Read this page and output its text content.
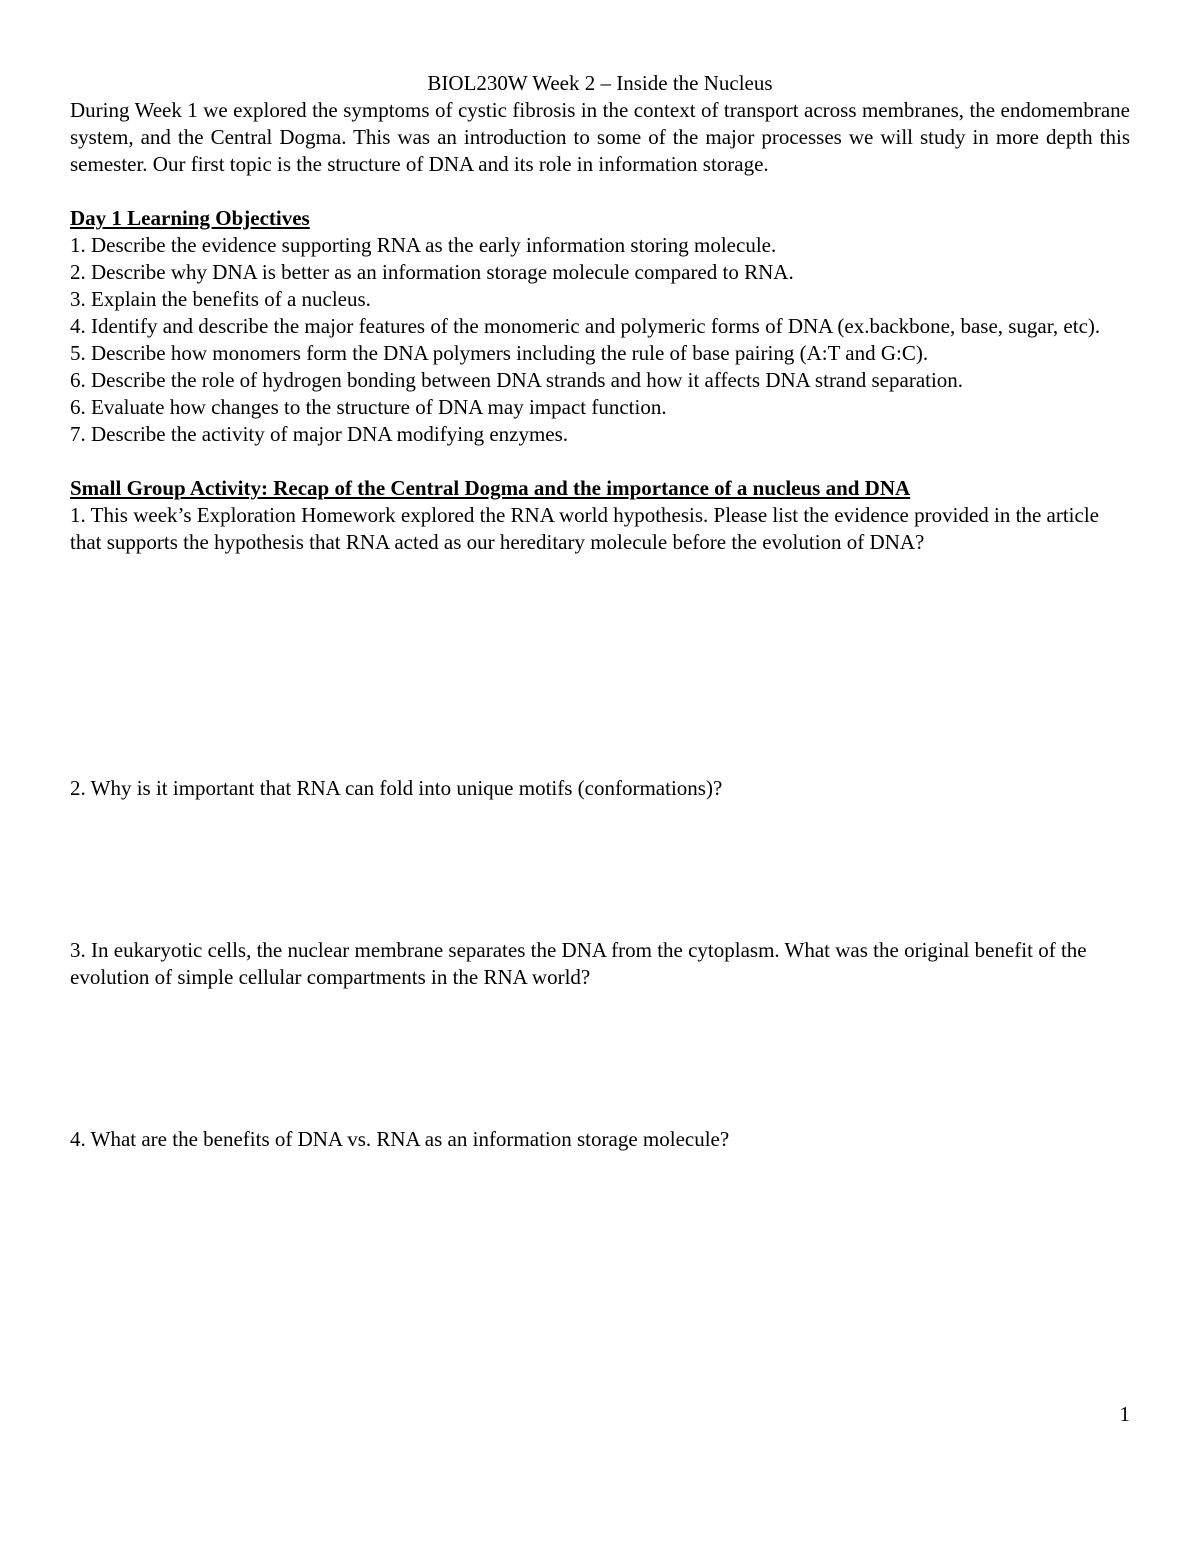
BIOL230W Week 2 – Inside the Nucleus

During Week 1 we explored the symptoms of cystic fibrosis in the context of transport across membranes, the endomembrane system, and the Central Dogma. This was an introduction to some of the major processes we will study in more depth this semester. Our first topic is the structure of DNA and its role in information storage.

Day 1 Learning Objectives

1. Describe the evidence supporting RNA as the early information storing molecule.

2. Describe why DNA is better as an information storage molecule compared to RNA.

3. Explain the benefits of a nucleus.

4. Identify and describe the major features of the monomeric and polymeric forms of DNA (ex.backbone, base, sugar, etc).

5. Describe how monomers form the DNA polymers including the rule of base pairing (A:T and G:C).

6. Describe the role of hydrogen bonding between DNA strands and how it affects DNA strand separation.

6. Evaluate how changes to the structure of DNA may impact function.

7. Describe the activity of major DNA modifying enzymes.

Small Group Activity: Recap of the Central Dogma and the importance of a nucleus and DNA

1. This week’s Exploration Homework explored the RNA world hypothesis. Please list the evidence provided in the article that supports the hypothesis that RNA acted as our hereditary molecule before the evolution of DNA?

2. Why is it important that RNA can fold into unique motifs (conformations)?

3. In eukaryotic cells, the nuclear membrane separates the DNA from the cytoplasm. What was the original benefit of the evolution of simple cellular compartments in the RNA world?

4. What are the benefits of DNA vs. RNA as an information storage molecule?

1
